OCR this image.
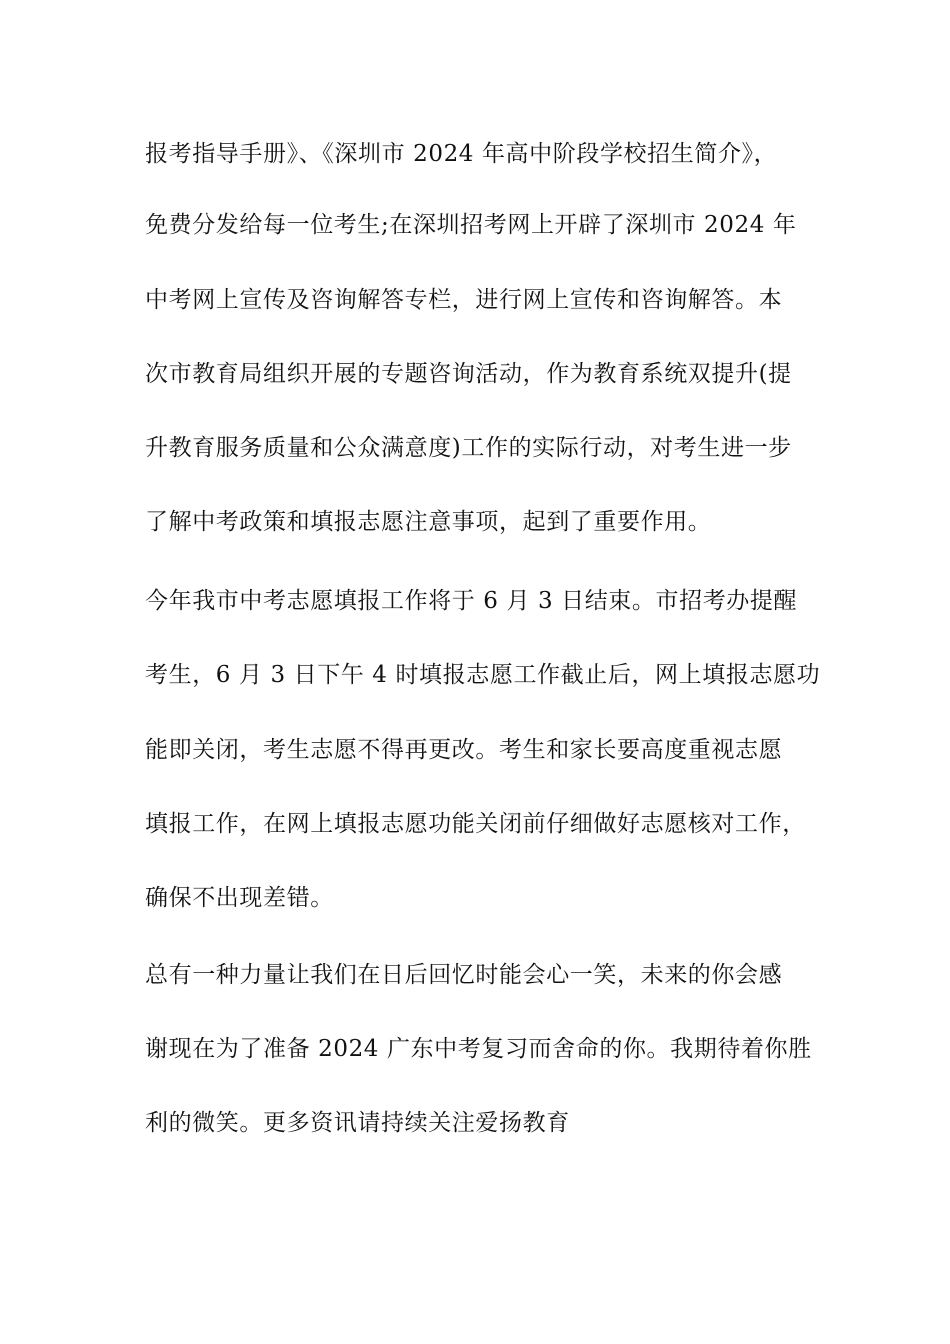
报考指导手册》、《深圳市 2024 年高中阶段学校招生简介》，
免费分发给每一位考生;在深圳招考网上开辟了深圳市 2024 年
中考网上宣传及咨询解答专栏，进行网上宣传和咨询解答。本
次市教育局组织开展的专题咨询活动，作为教育系统双提升(提
升教育服务质量和公众满意度)工作的实际行动，对考生进一步
了解中考政策和填报志愿注意事项，起到了重要作用。
今年我市中考志愿填报工作将于 6 月 3 日结束。市招考办提醒
考生，6 月 3 日下午 4 时填报志愿工作截止后，网上填报志愿功
能即关闭，考生志愿不得再更改。考生和家长要高度重视志愿
填报工作，在网上填报志愿功能关闭前仔细做好志愿核对工作，
确保不出现差错。
总有一种力量让我们在日后回忆时能会心一笑，未来的你会感
谢现在为了准备 2024 广东中考复习而舍命的你。我期待着你胜
利的微笑。更多资讯请持续关注爱扬教育
